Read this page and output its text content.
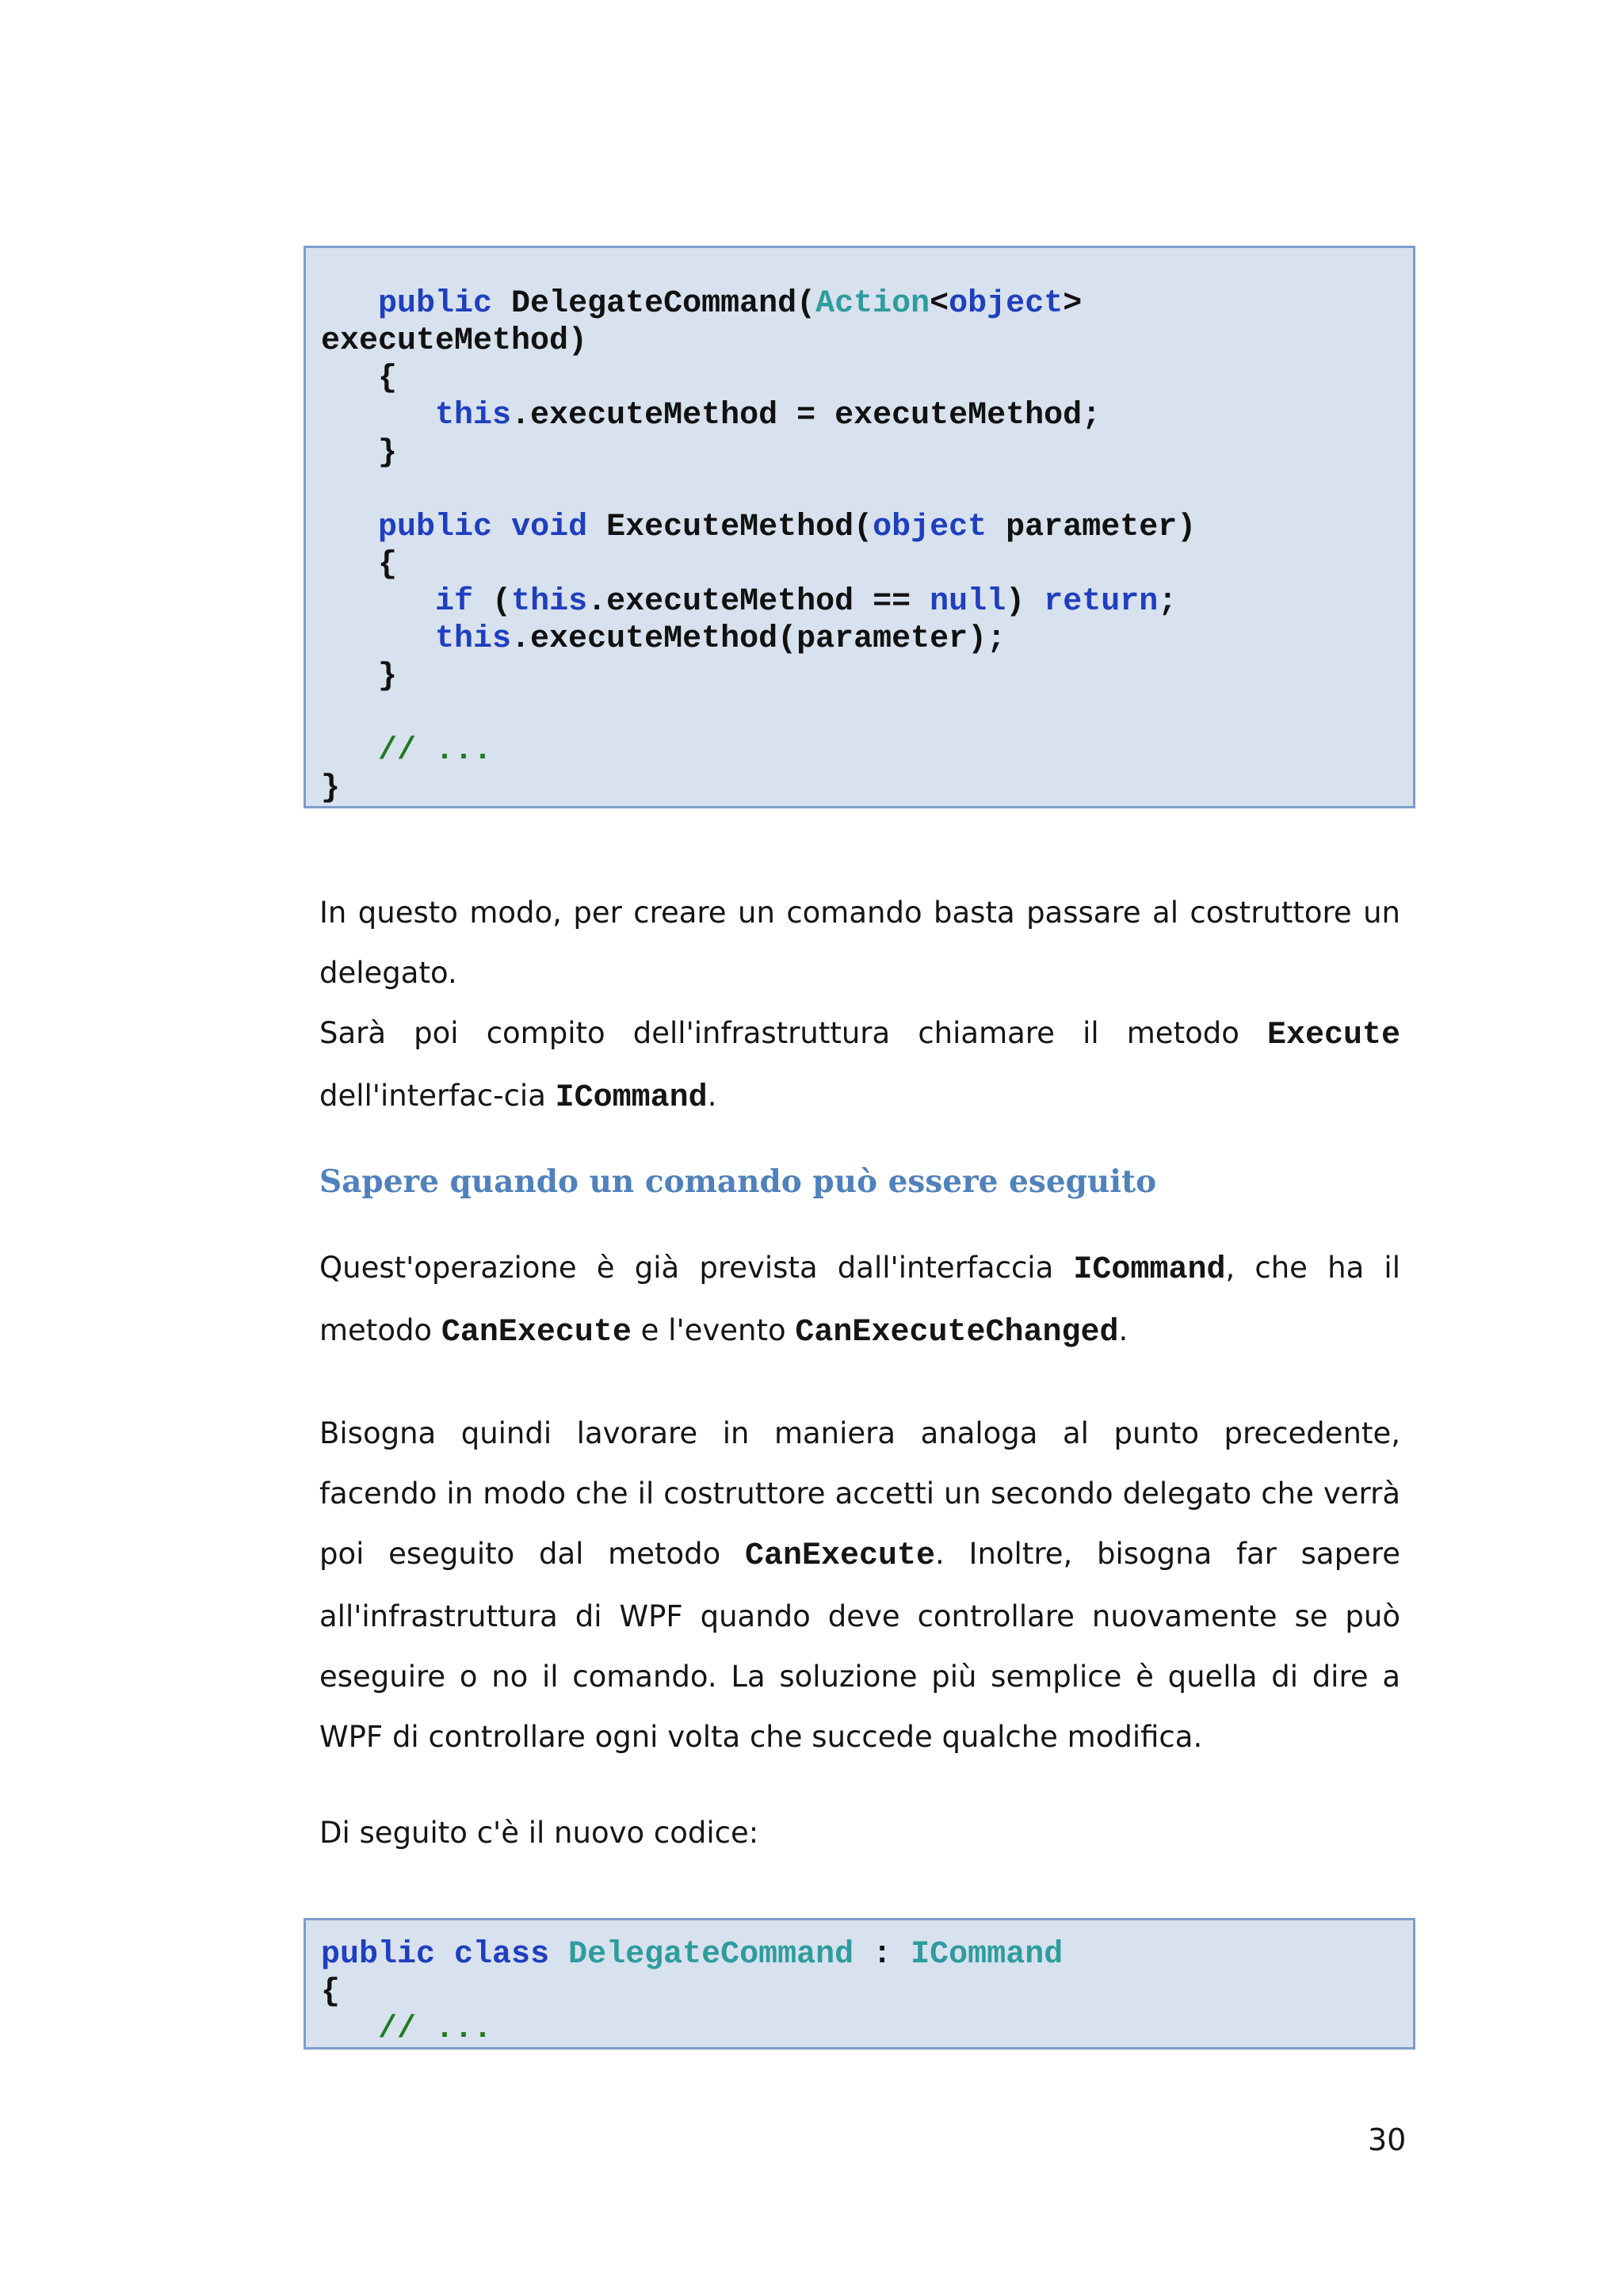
public DelegateCommand(Action<object>
executeMethod)
{
this.executeMethod = executeMethod;
}
public void ExecuteMethod(object parameter)
{
if (this.executeMethod == null) return;
this.executeMethod(parameter);
}
// ...
}

In questo modo, per creare un comando basta passare al costruttore un delegato.

Sarà poi compito dell'infrastruttura chiamare il metodo Execute dell'interfac-cia ICommand.

Sapere quando un comando può essere eseguito

Quest'operazione è già prevista dall'interfaccia ICommand, che ha il metodo CanExecute e l'evento CanExecuteChanged.

Bisogna quindi lavorare in maniera analoga al punto precedente, facendo in modo che il costruttore accetti un secondo delegato che verrà poi eseguito dal metodo CanExecute. Inoltre, bisogna far sapere all'infrastruttura di WPF quando deve controllare nuovamente se può eseguire o no il comando. La soluzione più semplice è quella di dire a WPF di controllare ogni volta che succede qualche modifica.

Di seguito c'è il nuovo codice:

public class DelegateCommand : ICommand
{
// ...
30
